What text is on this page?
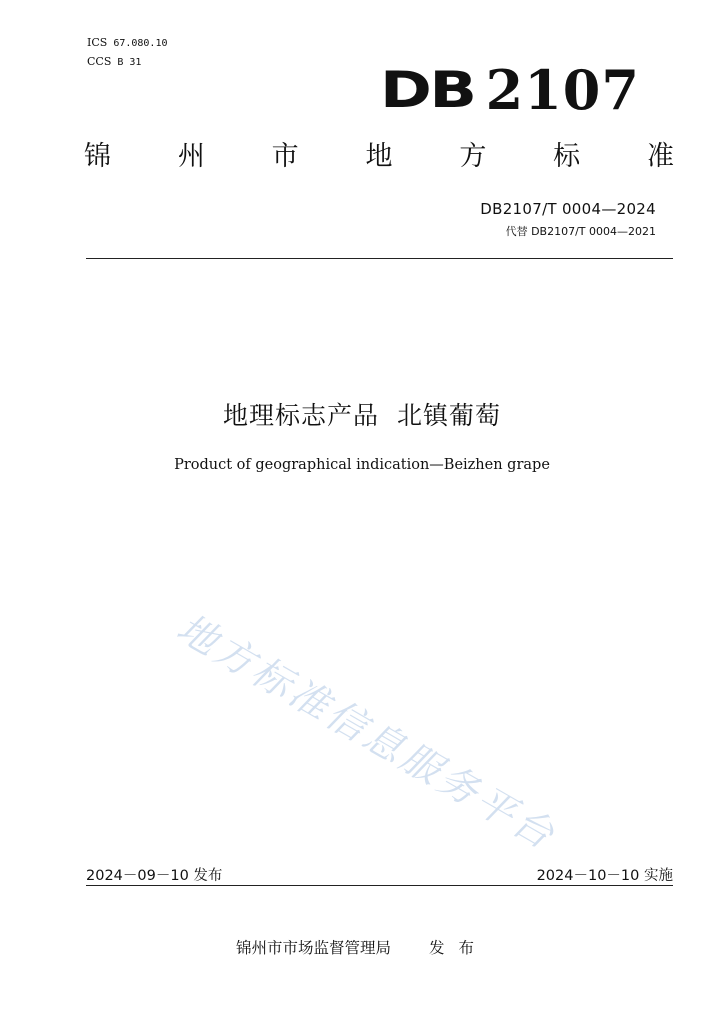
ICS 67.080.10
CCS B 31	DB 2107
锦 州 市 地 方 标 准
DB2107/T 0004—2024
代替 DB2107/T 0004—2021
地理标志产品  北镇葡萄
Product of geographical indication—Beizhen grape
地方标准信息服务平台
2024－09－10 发布	2024－10－10 实施
锦州市市场监督管理局 发布
